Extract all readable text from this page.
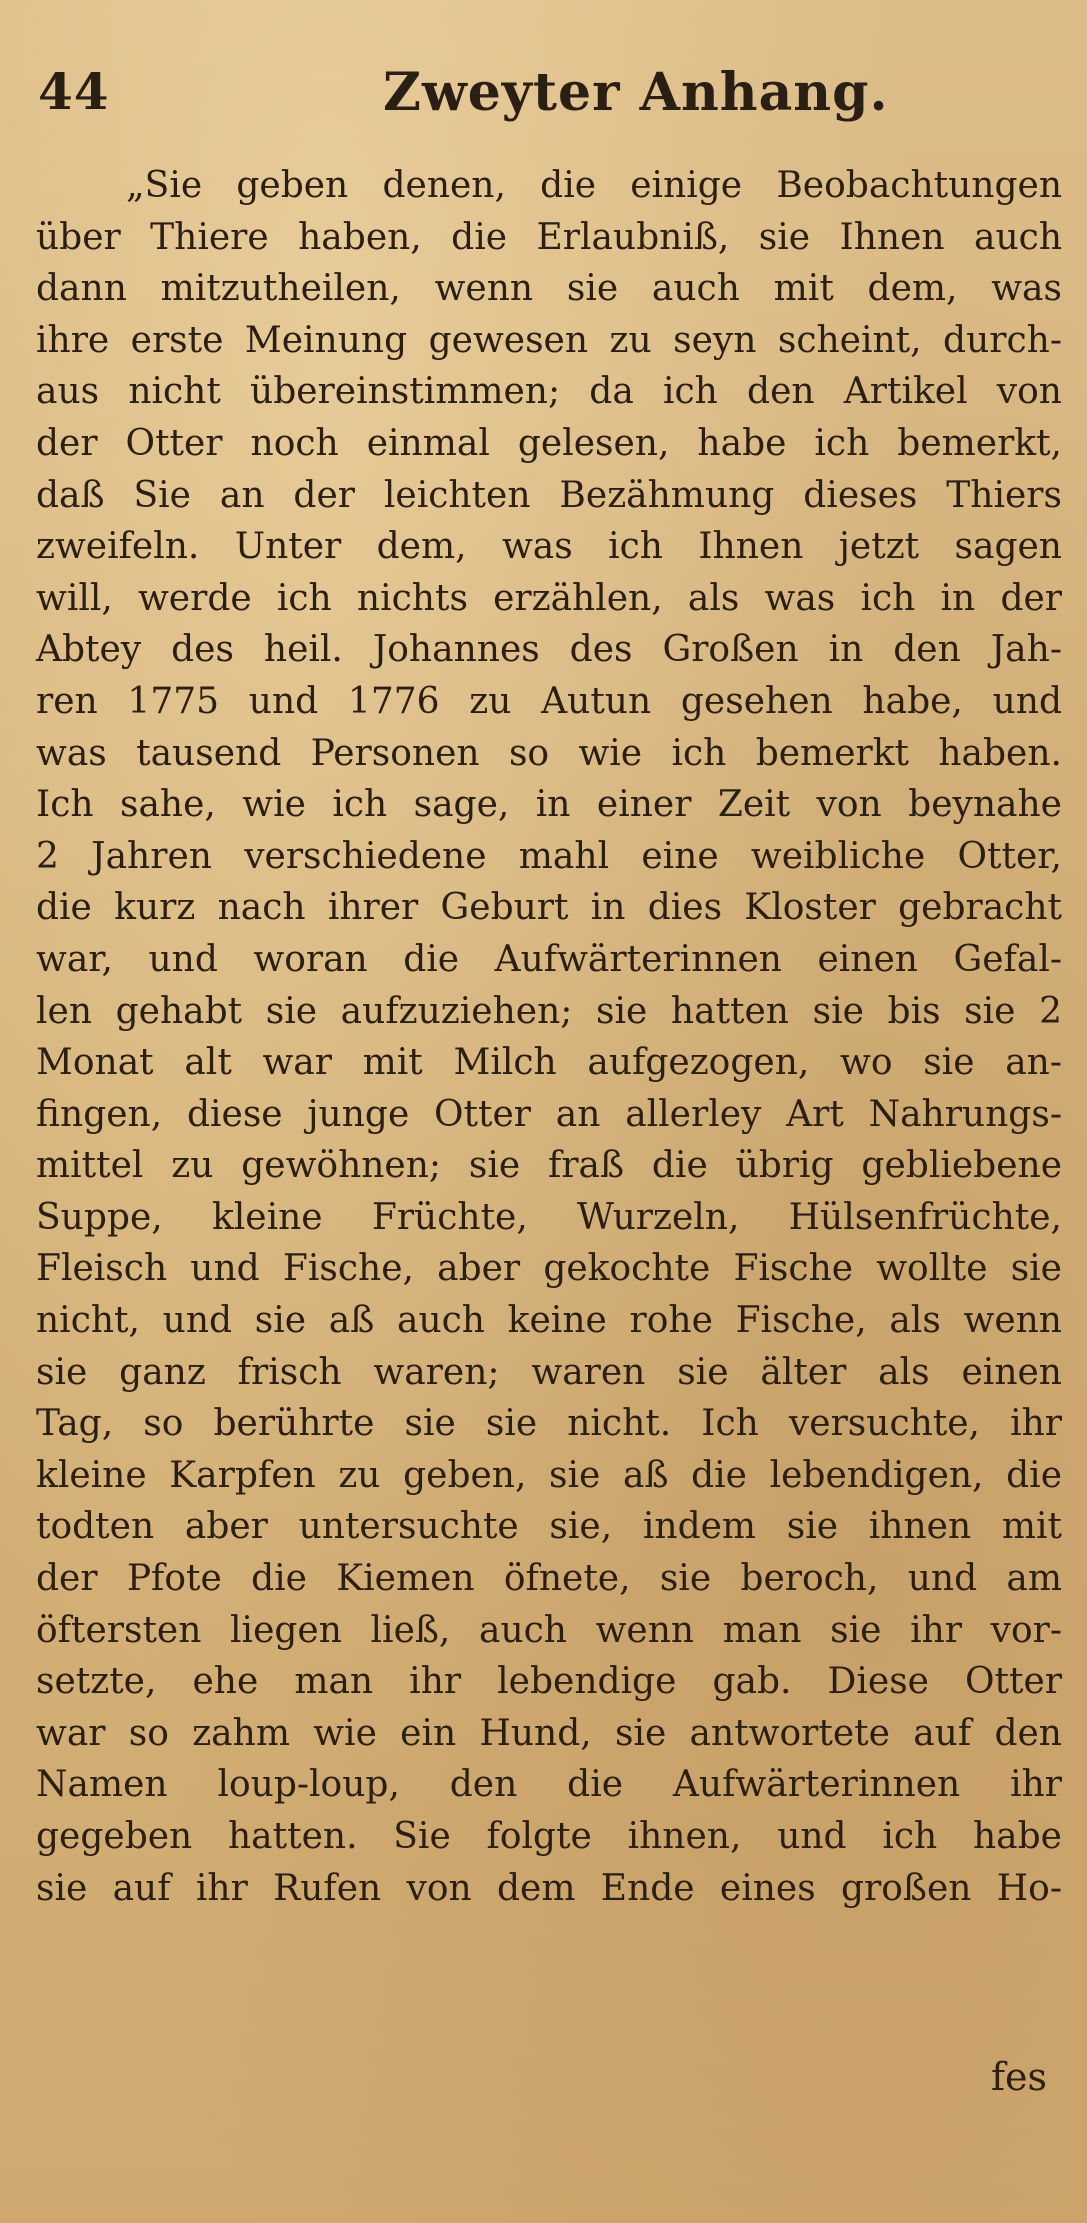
44	Zweyter Anhang.
„Sie geben denen, die einige Beobachtungen
über Thiere haben, die Erlaubniß, sie Ihnen auch
dann mitzutheilen, wenn sie auch mit dem, was
ihre erste Meinung gewesen zu seyn scheint, durch-
aus nicht übereinstimmen; da ich den Artikel von
der Otter noch einmal gelesen, habe ich bemerkt,
daß Sie an der leichten Bezähmung dieses Thiers
zweifeln. Unter dem, was ich Ihnen jetzt sagen
will, werde ich nichts erzählen, als was ich in der
Abtey des heil. Johannes des Großen in den Jah-
ren 1775 und 1776 zu Autun gesehen habe, und
was tausend Personen so wie ich bemerkt haben.
Ich sahe, wie ich sage, in einer Zeit von beynahe
2 Jahren verschiedene mahl eine weibliche Otter,
die kurz nach ihrer Geburt in dies Kloster gebracht
war, und woran die Aufwärterinnen einen Gefal-
len gehabt sie aufzuziehen; sie hatten sie bis sie 2
Monat alt war mit Milch aufgezogen, wo sie an-
fingen, diese junge Otter an allerley Art Nahrungs-
mittel zu gewöhnen; sie fraß die übrig gebliebene
Suppe, kleine Früchte, Wurzeln, Hülsenfrüchte,
Fleisch und Fische, aber gekochte Fische wollte sie
nicht, und sie aß auch keine rohe Fische, als wenn
sie ganz frisch waren; waren sie älter als einen
Tag, so berührte sie sie nicht. Ich versuchte, ihr
kleine Karpfen zu geben, sie aß die lebendigen, die
todten aber untersuchte sie, indem sie ihnen mit
der Pfote die Kiemen öfnete, sie beroch, und am
öftersten liegen ließ, auch wenn man sie ihr vor-
setzte, ehe man ihr lebendige gab. Diese Otter
war so zahm wie ein Hund, sie antwortete auf den
Namen loup-loup, den die Aufwärterinnen ihr
gegeben hatten. Sie folgte ihnen, und ich habe
sie auf ihr Rufen von dem Ende eines großen Ho-
fes
